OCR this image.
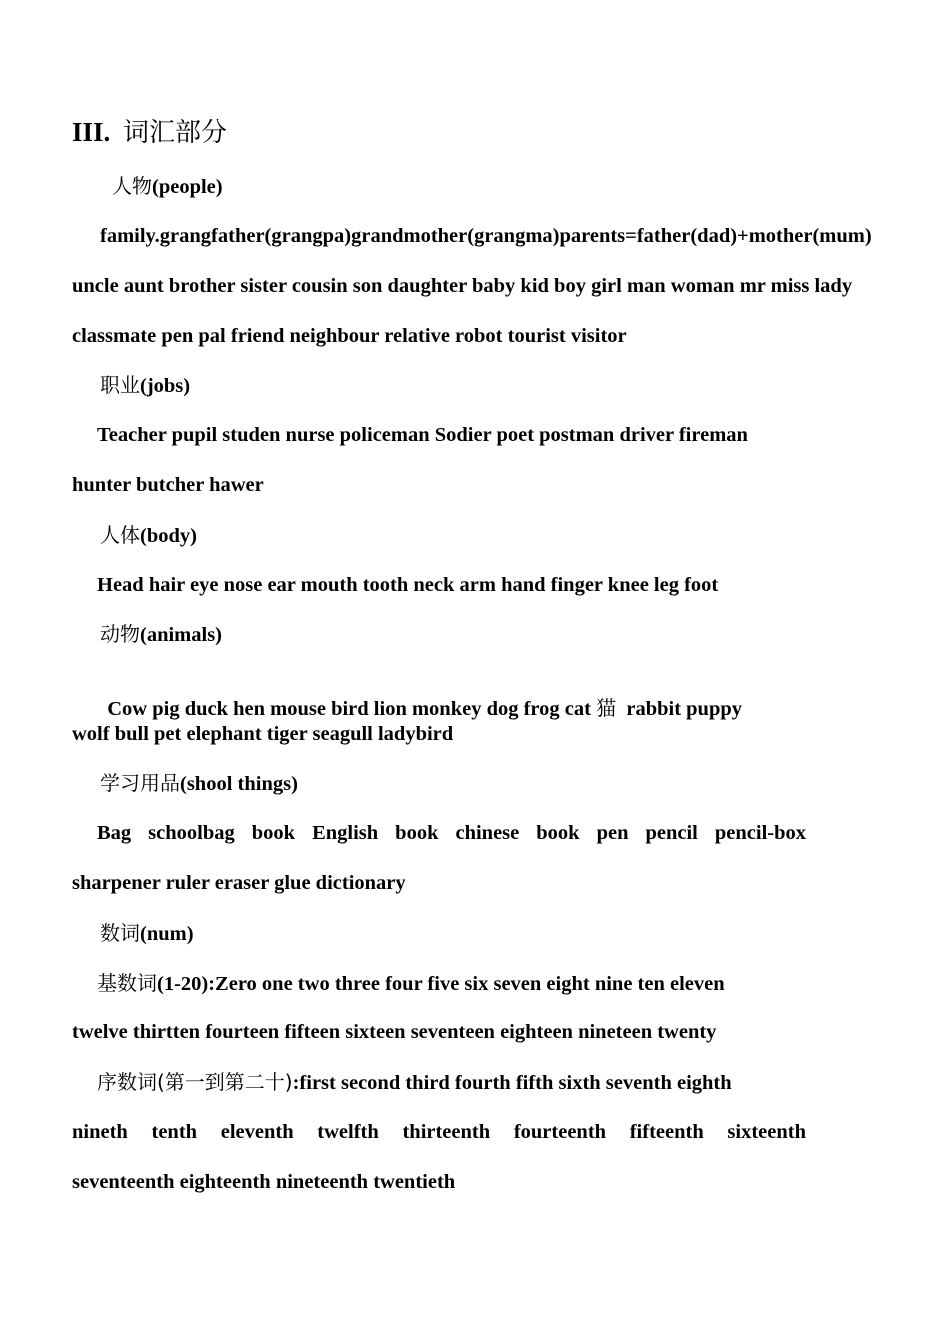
III. 词汇部分
人物(people)
family.grangfather(grangpa)grandmother(grangma)parents=father(dad)+mother(mum)
uncle aunt brother sister cousin son daughter baby kid boy girl man woman mr miss lady
classmate pen pal friend neighbour relative robot tourist visitor
职业(jobs)
Teacher pupil studen nurse policeman Sodier poet postman driver fireman
hunter butcher hawer
人体(body)
Head hair eye nose ear mouth tooth neck arm hand finger knee leg foot
动物(animals)

Cow pig duck hen mouse bird lion monkey dog frog cat 猫  rabbit puppy

wolf bull pet elephant tiger seagull ladybird
学习用品(shool things)
Bag schoolbag book English book chinese book pen pencil pencil-box
sharpener ruler eraser glue dictionary
数词(num)
基数词(1-20):Zero one two three four five six seven eight nine ten eleven
twelve thirtten fourteen fifteen sixteen seventeen eighteen nineteen twenty
序数词(第一到第二十):first second third fourth fifth sixth seventh eighth
nineth tenth eleventh twelfth thirteenth fourteenth fifteenth sixteenth
seventeenth eighteenth nineteenth twentieth
